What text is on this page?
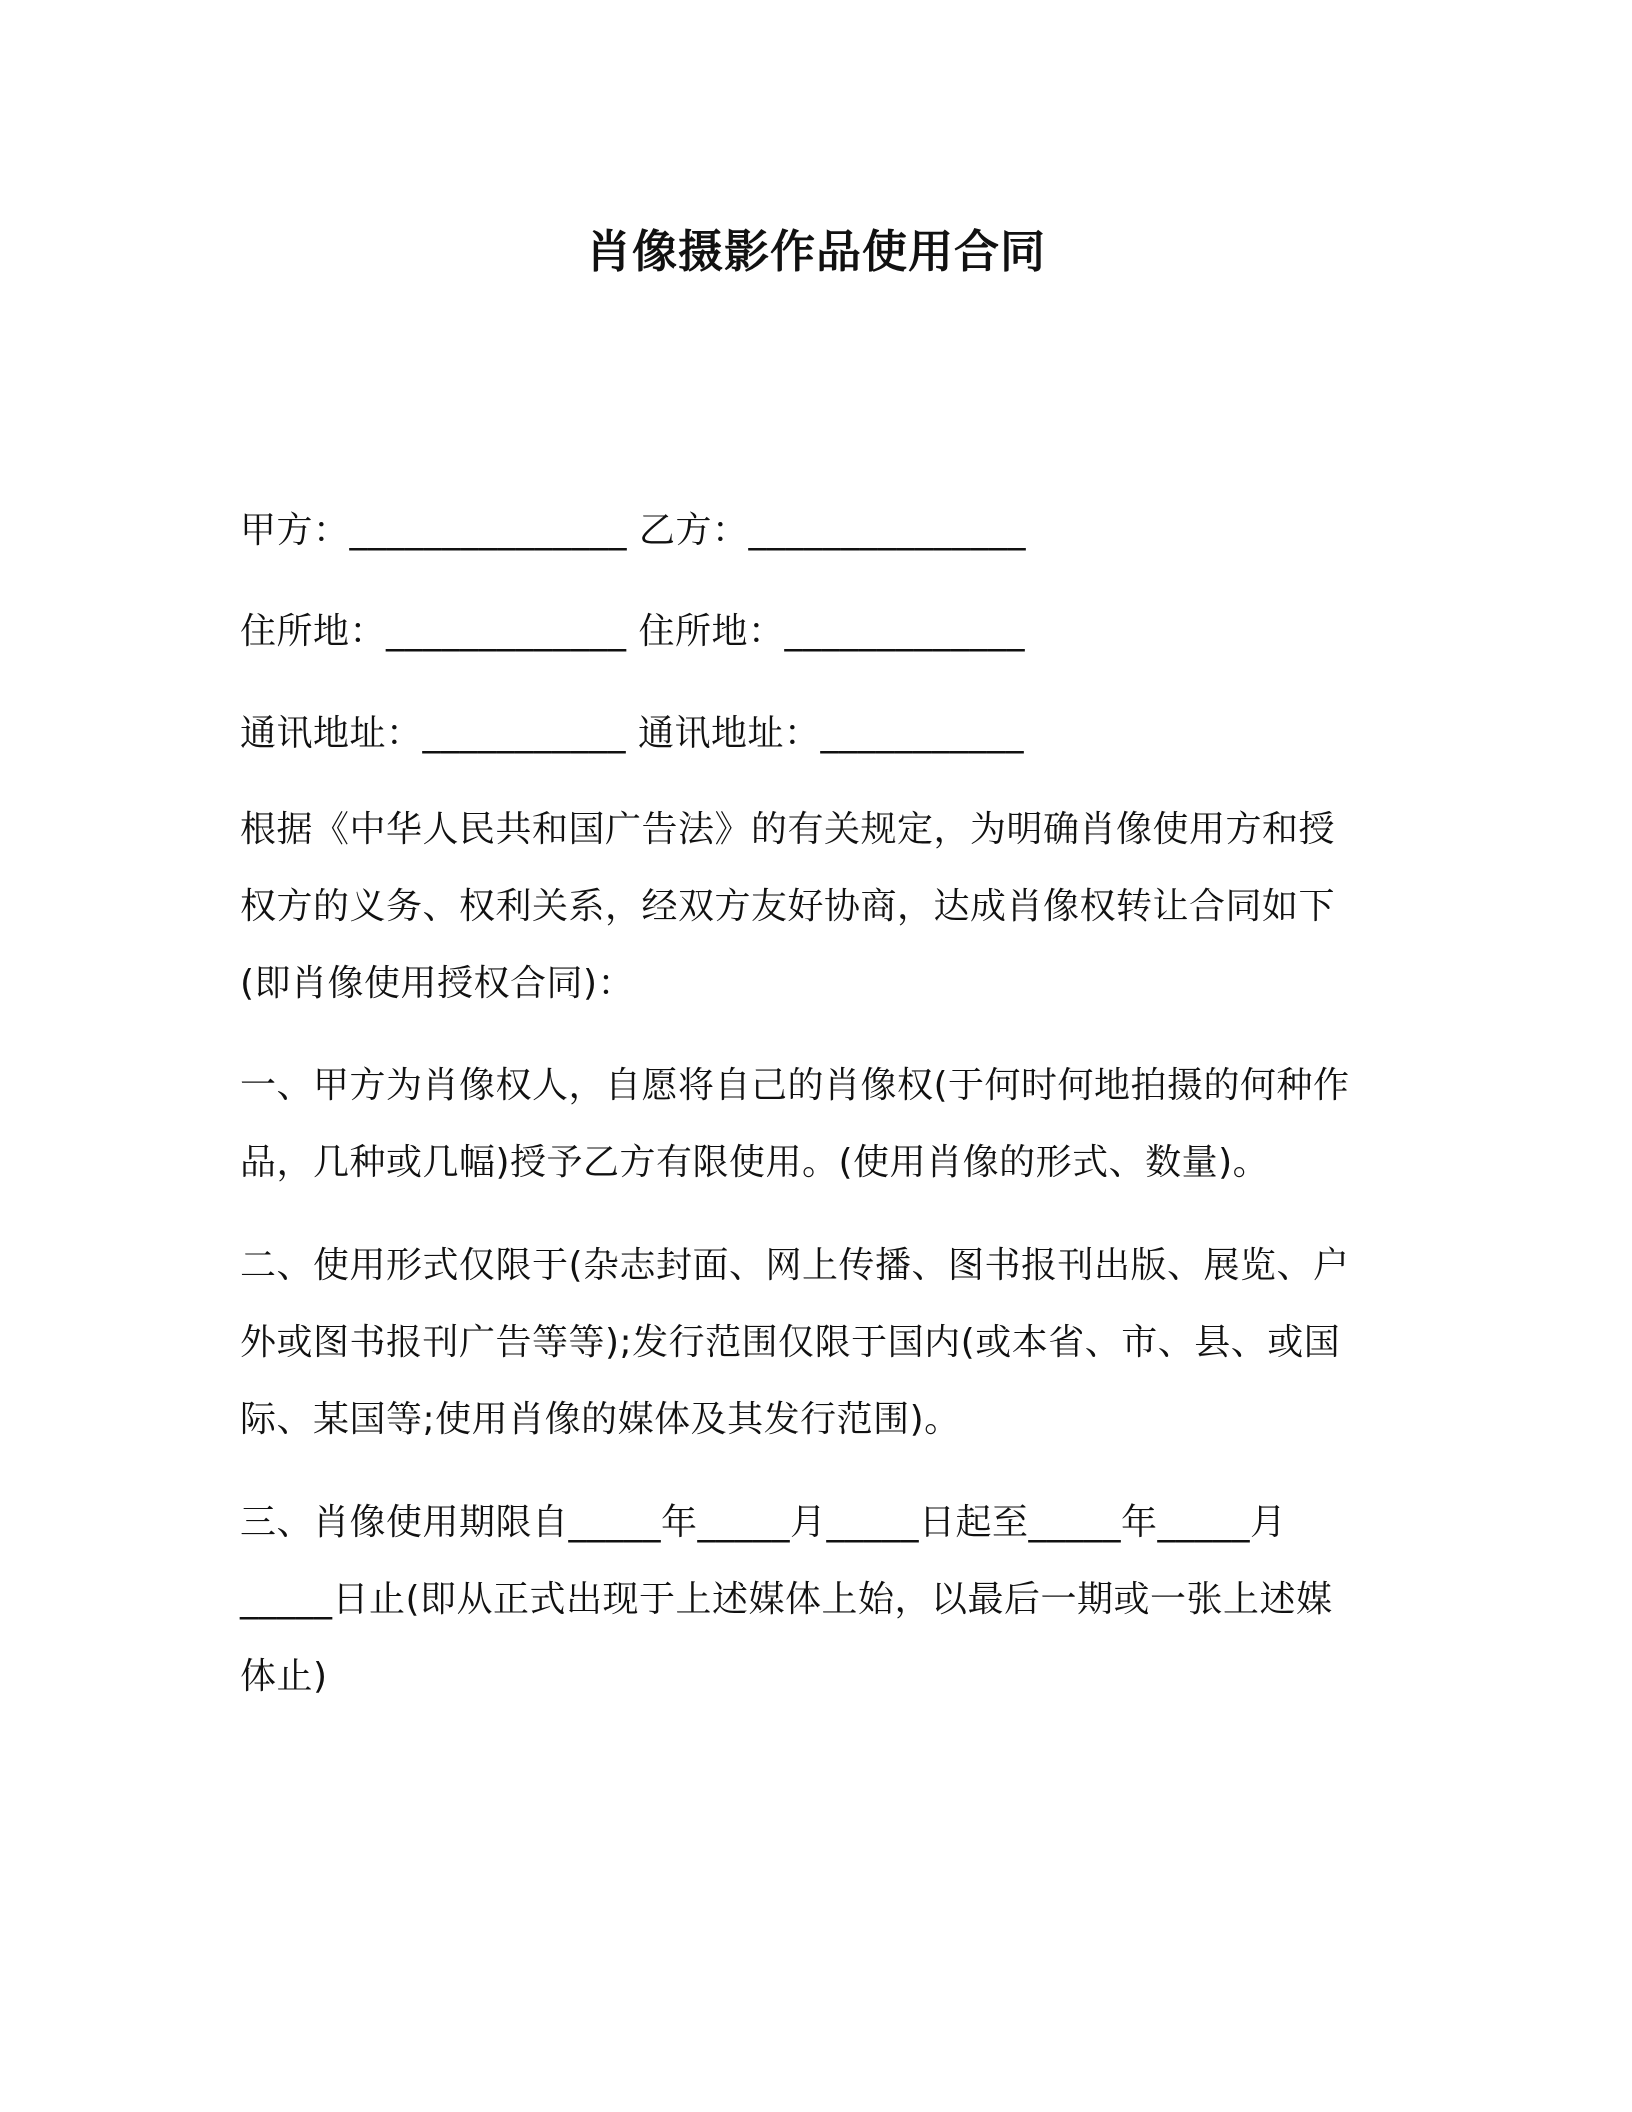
肖像摄影作品使用合同
甲方：_______________ 乙方：_______________
住所地：_____________ 住所地：_____________
通讯地址：___________ 通讯地址：___________
根据《中华人民共和国广告法》的有关规定，为明确肖像使用方和授
权方的义务、权利关系，经双方友好协商，达成肖像权转让合同如下
(即肖像使用授权合同)：
一、甲方为肖像权人，自愿将自己的肖像权(于何时何地拍摄的何种作
品，几种或几幅)授予乙方有限使用。(使用肖像的形式、数量)。
二、使用形式仅限于(杂志封面、网上传播、图书报刊出版、展览、户
外或图书报刊广告等等);发行范围仅限于国内(或本省、市、县、或国
际、某国等;使用肖像的媒体及其发行范围)。
三、肖像使用期限自_____年_____月_____日起至_____年_____月
_____日止(即从正式出现于上述媒体上始，以最后一期或一张上述媒
体止)
